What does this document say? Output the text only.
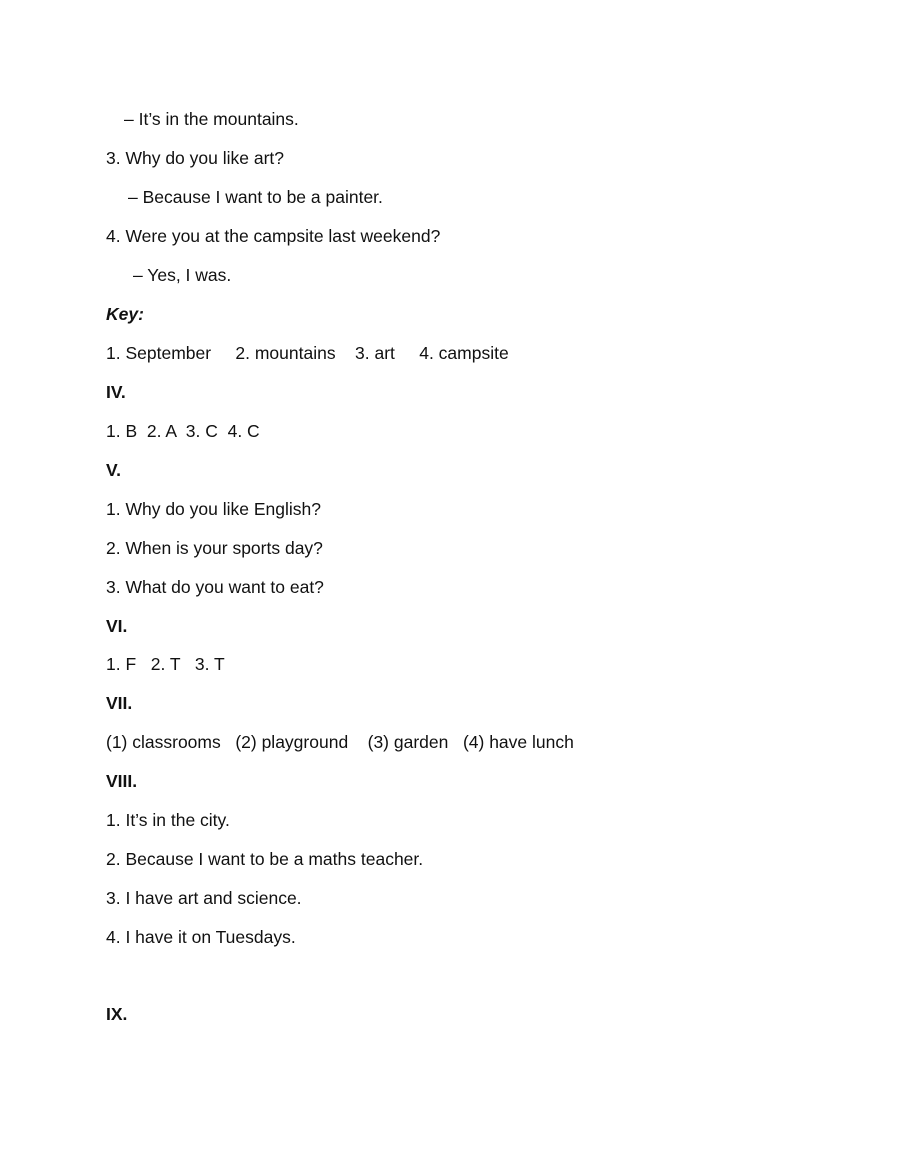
– It’s in the mountains.
3. Why do you like art?
– Because I want to be a painter.
4. Were you at the campsite last weekend?
– Yes, I was.
Key:
1. September     2. mountains    3. art     4. campsite
IV.
1. B  2. A  3. C  4. C
V.
1. Why do you like English?
2. When is your sports day?
3. What do you want to eat?
VI.
1. F   2. T   3. T
VII.
(1) classrooms   (2) playground    (3) garden   (4) have lunch
VIII.
1. It’s in the city.
2. Because I want to be a maths teacher.
3. I have art and science.
4. I have it on Tuesdays.
IX.
